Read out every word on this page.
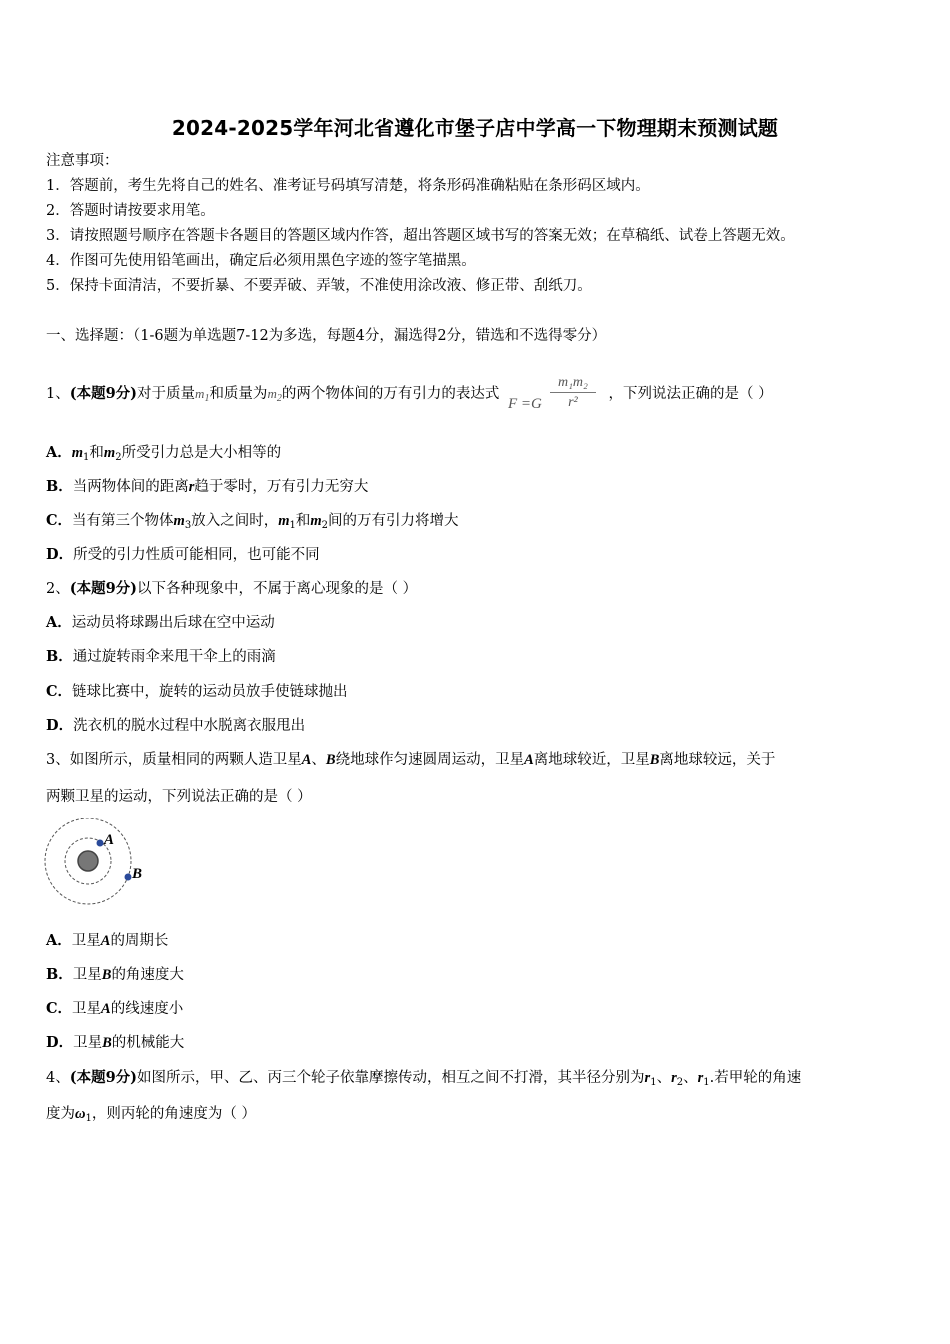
2024-2025学年河北省遵化市堡子店中学高一下物理期末预测试题
注意事项：
1．答题前，考生先将自己的姓名、准考证号码填写清楚，将条形码准确粘贴在条形码区域内。
2．答题时请按要求用笔。
3．请按照题号顺序在答题卡各题目的答题区域内作答，超出答题区域书写的答案无效；在草稿纸、试卷上答题无效。
4．作图可先使用铅笔画出，确定后必须用黑色字迹的签字笔描黑。
5．保持卡面清洁，不要折暴、不要弄破、弄皱，不准使用涂改液、修正带、刮纸刀。
一、选择题：（1-6题为单选题7-12为多选，每题4分，漏选得2分，错选和不选得零分）
1、(本题9分)对于质量$m_1$和质量为$m_2$的两个物体间的万有引力的表达式
$F =G \frac{\text{m₁m₂}}{\text{r²}}$ ，下列说法正确的是（ ）
A．$m_1$和$m_2$所受引力总是大小相等的
B．当两物体间的距离r趋于零时，万有引力无穷大
C．当有第三个物体$m_3$放入之间时，$m_1$和$m_2$间的万有引力将增大
D．所受的引力性质可能相同，也可能不同
2、(本题9分)以下各种现象中，不属于离心现象的是（ ）
A．运动员将球踢出后球在空中运动
B．通过旋转雨伞来甩干伞上的雨滴
C．链球比赛中，旋转的运动员放手使链球抛出
D．洗衣机的脱水过程中水脱离衣服甩出
3、如图所示，质量相同的两颗人造卫星A、B绕地球作匀速圆周运动，卫星A离地球较近，卫星B离地球较远，关于
两颗卫星的运动，下列说法正确的是（ ）
A
B
A．卫星A的周期长
B．卫星B的角速度大
C．卫星A的线速度小
D．卫星B的机械能大
4、(本题9分)如图所示，甲、乙、丙三个轮子依靠摩擦传动，相互之间不打滑，其半径分别为$r_1$、$r_2$、$r_1$.若甲轮的角速
度为$\omega_1$，则丙轮的角速度为（ ）
